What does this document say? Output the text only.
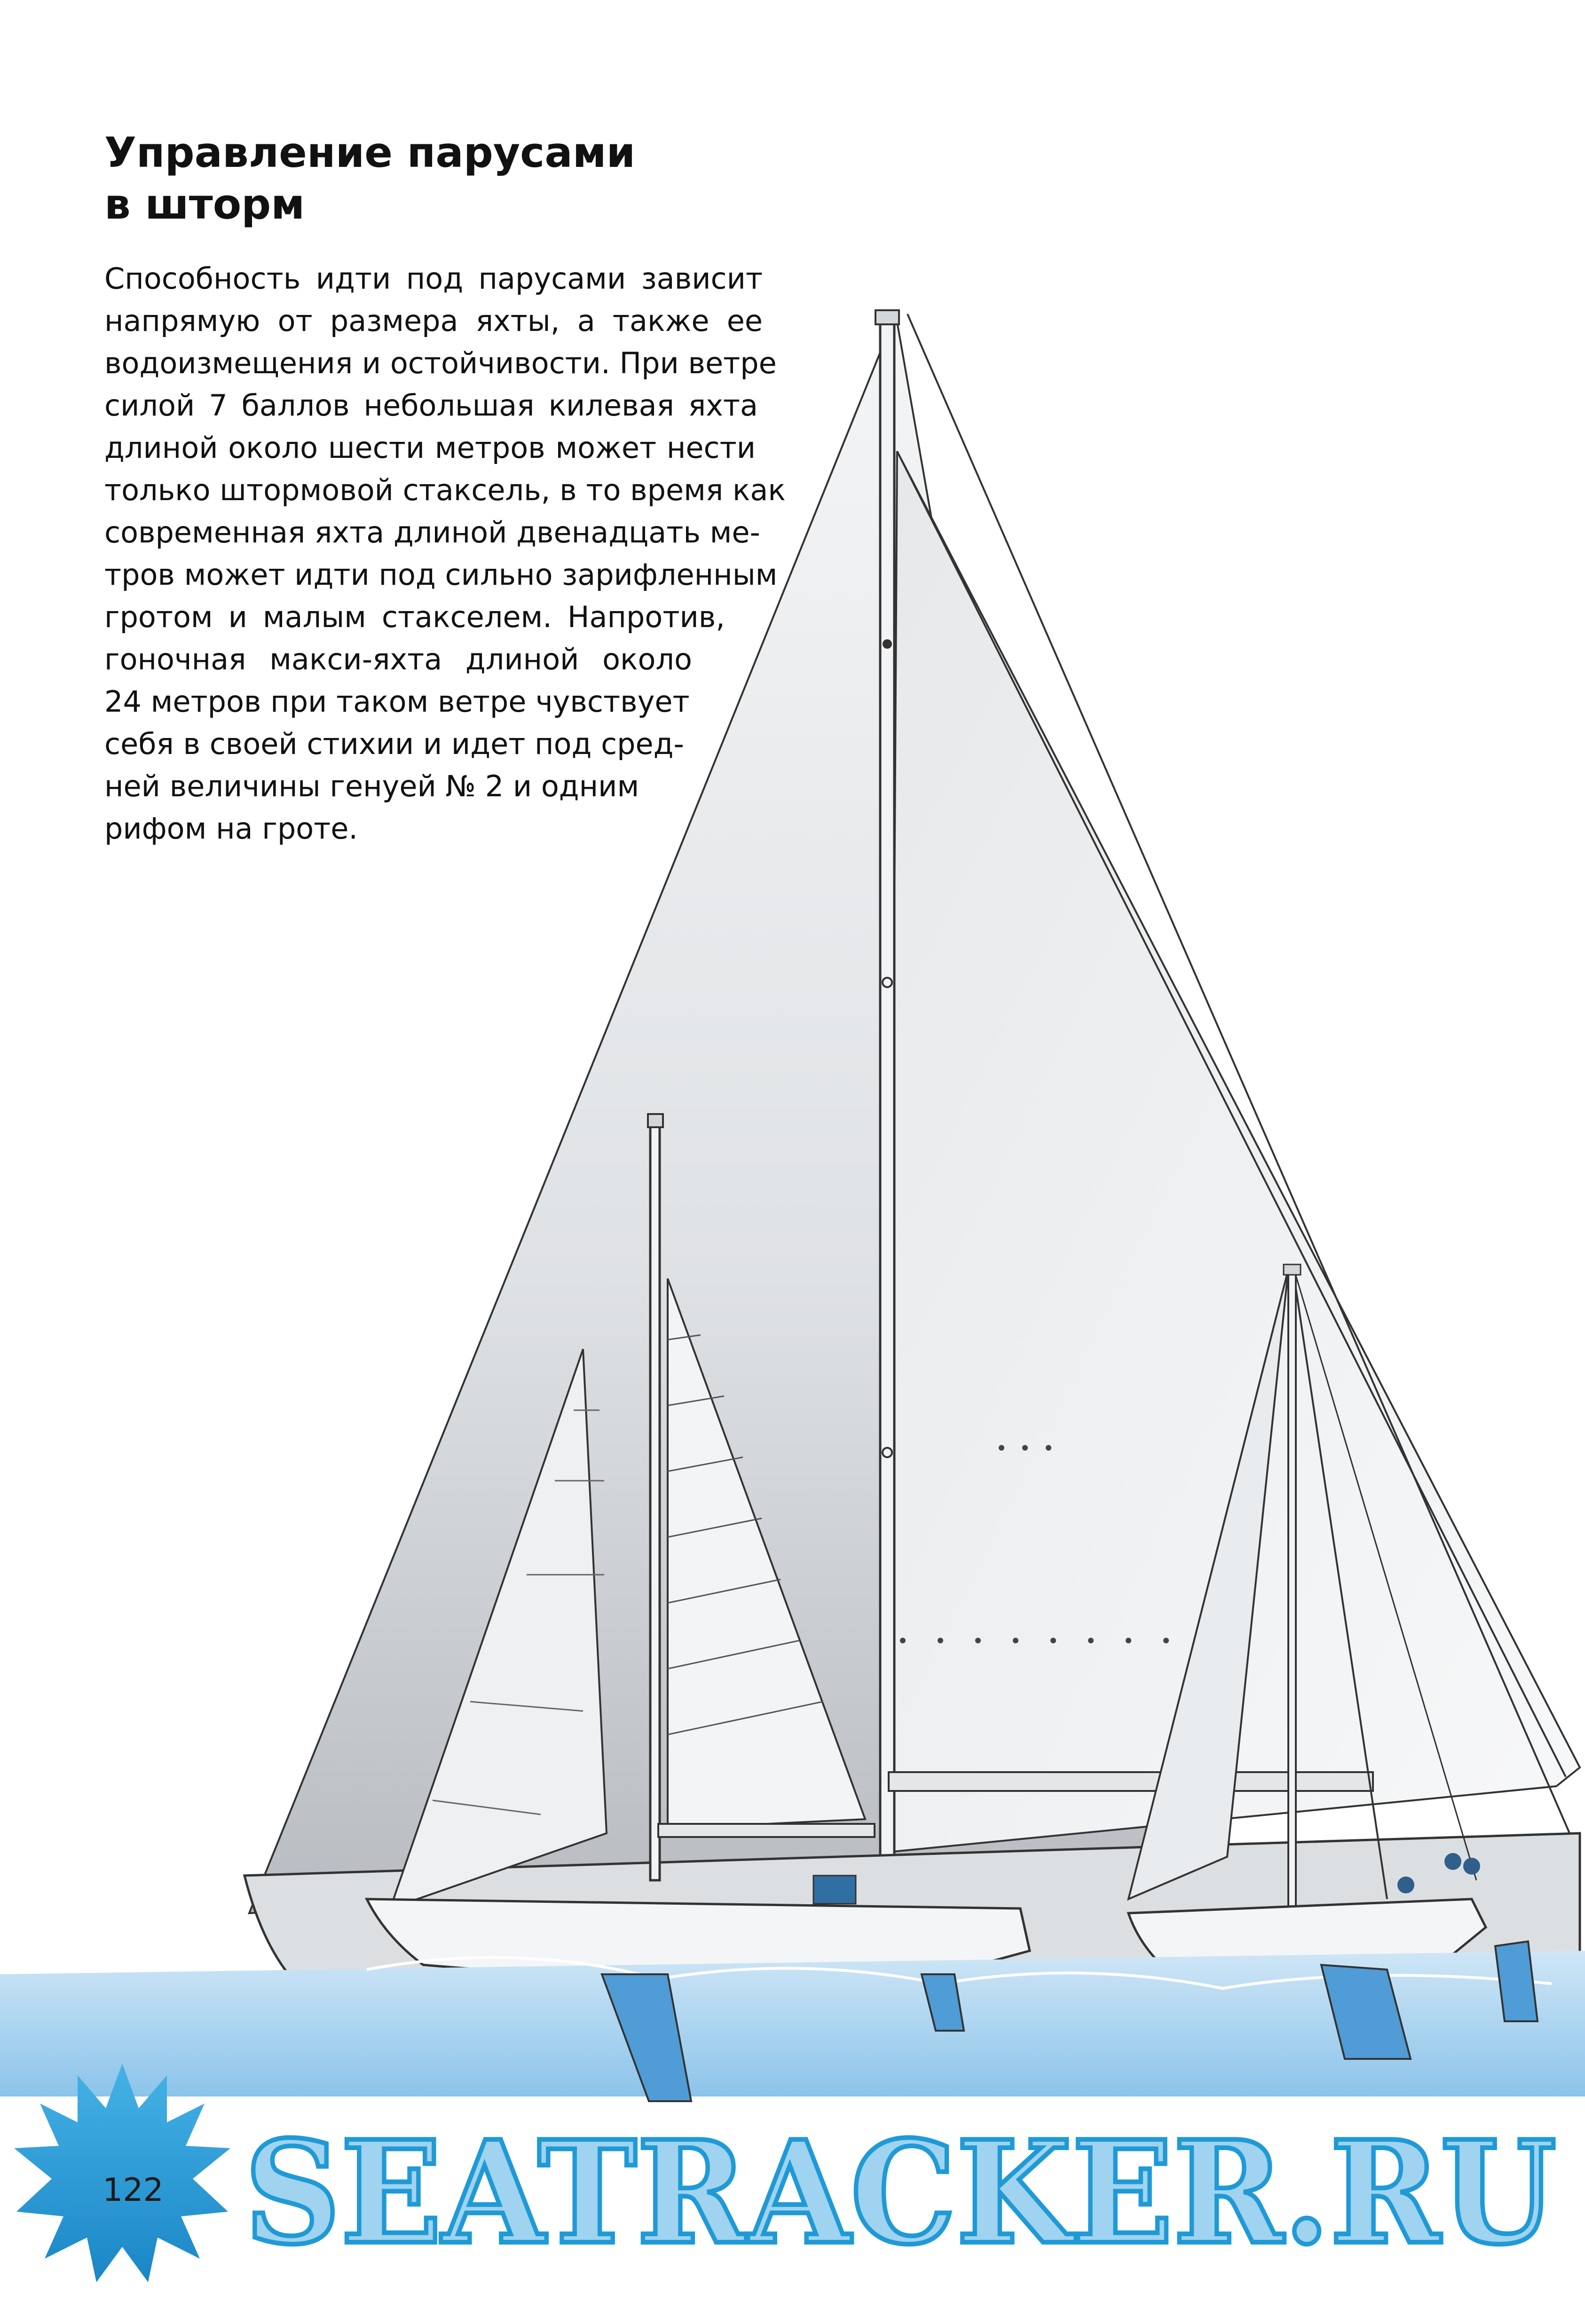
Управление парусами
в шторм
SEATRACKER.RU
Способность идти под парусами зависит
напрямую от размера яхты, а также ее
водоизмещения и остойчивости. При ветре
силой 7 баллов небольшая килевая яхта
длиной около шести метров может нести
только штормовой стаксель, в то время как
современная яхта длиной двенадцать ме-
тров может идти под сильно зарифленным
гротом и малым стакселем. Напротив,
гоночная макси-яхта длиной около
24 метров при таком ветре чувствует
себя в своей стихии и идет под сред-
ней величины генуей № 2 и одним
рифом на гроте.
122
